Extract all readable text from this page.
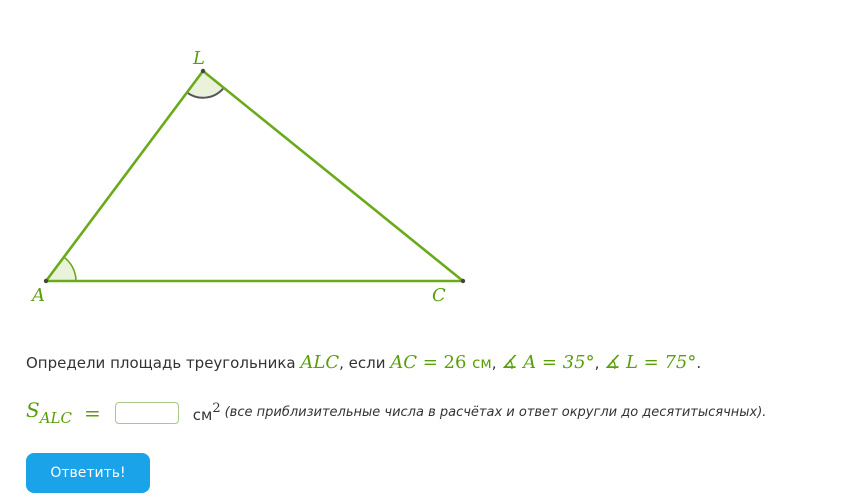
L
A	C
Определи площадь треугольника ALC, если AC = 26 см, ∡ A = 35°, ∡ L = 75°.
$S_{ALC}$ =	$см^2$ (все приблизительные числа в расчётах и ответ округли до десятитысячных).
Ответить!
